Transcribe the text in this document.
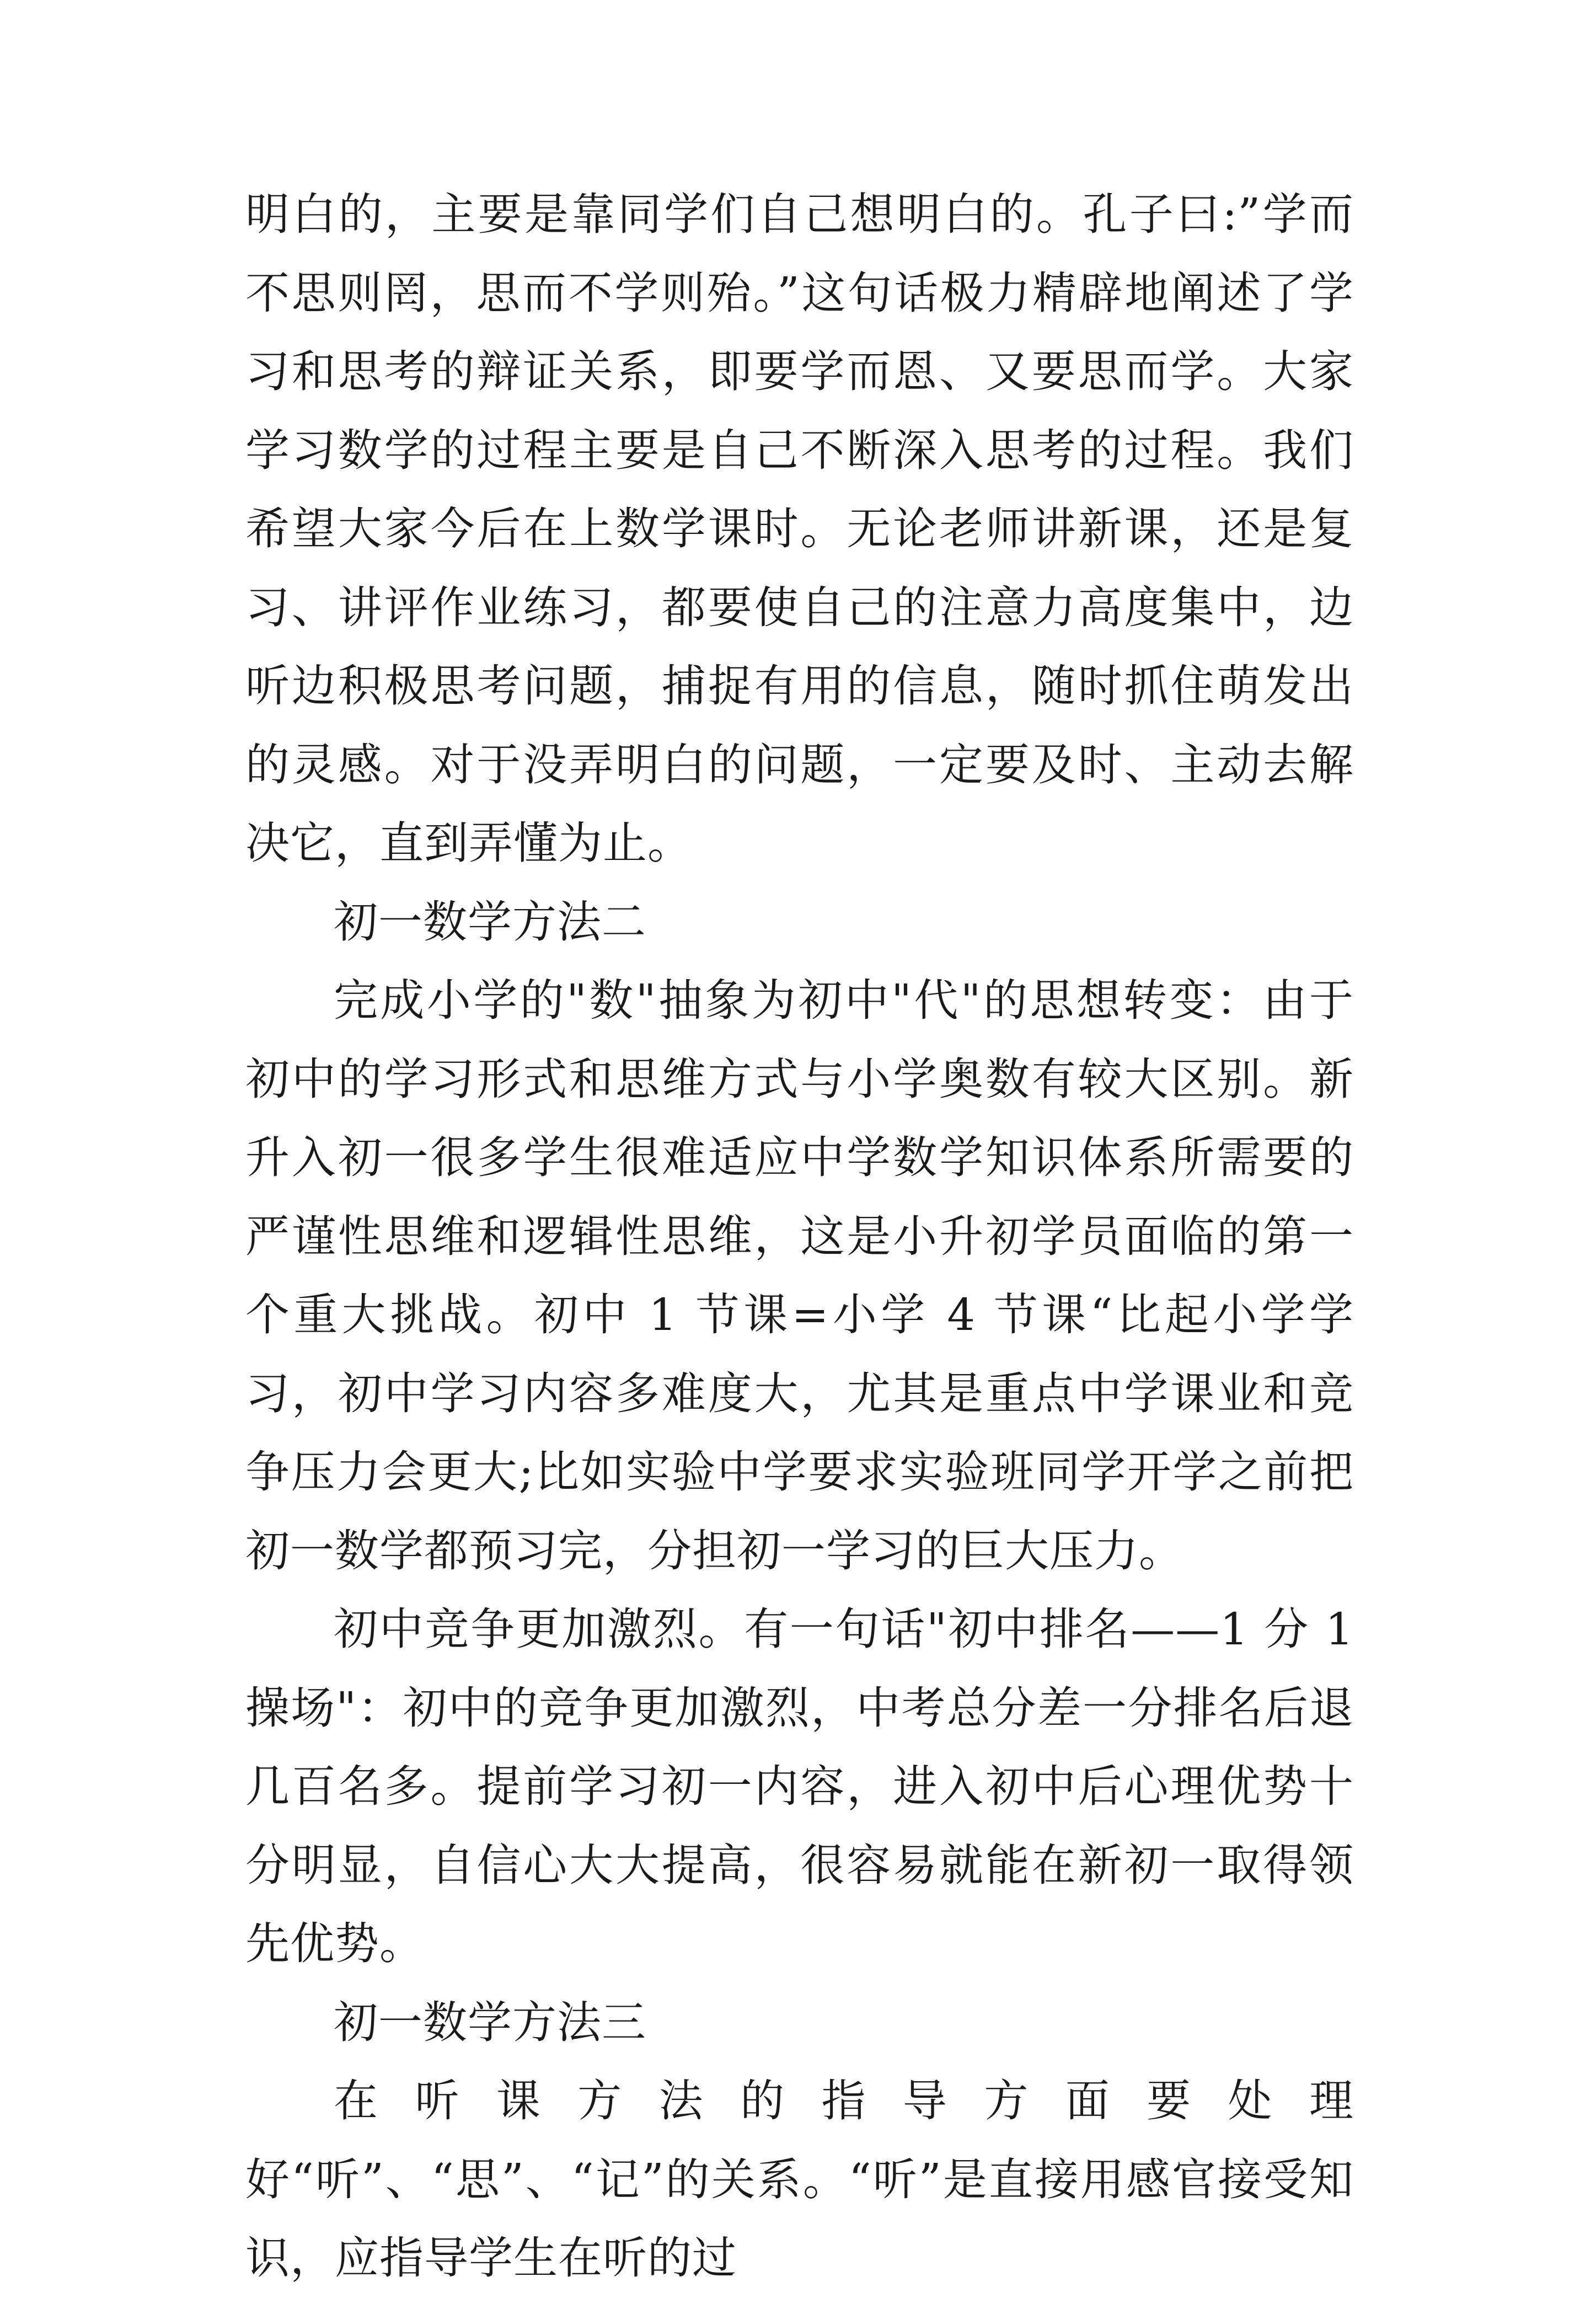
明白的，主要是靠同学们自己想明白的。孔子曰:”学而不思则罔，思而不学则殆。”这句话极力精辟地阐述了学习和思考的辩证关系，即要学而恩、又要思而学。大家学习数学的过程主要是自己不断深入思考的过程。我们希望大家今后在上数学课时。无论老师讲新课，还是复习、讲评作业练习，都要使自己的注意力高度集中，边听边积极思考问题，捕捉有用的信息，随时抓住萌发出的灵感。对于没弄明白的问题，一定要及时、主动去解决它，直到弄懂为止。

初一数学方法二

完成小学的"数"抽象为初中"代"的思想转变：由于初中的学习形式和思维方式与小学奥数有较大区别。新升入初一很多学生很难适应中学数学知识体系所需要的严谨性思维和逻辑性思维，这是小升初学员面临的第一个重大挑战。初中 1 节课=小学 4 节课“比起小学学习，初中学习内容多难度大，尤其是重点中学课业和竞争压力会更大;比如实验中学要求实验班同学开学之前把初一数学都预习完，分担初一学习的巨大压力。

初中竞争更加激烈。有一句话"初中排名——1 分 1 操场"：初中的竞争更加激烈，中考总分差一分排名后退几百名多。提前学习初一内容，进入初中后心理优势十分明显，自信心大大提高，很容易就能在新初一取得领先优势。

初一数学方法三

在听课方法的指导方面要处理好“听”、“思”、“记”的关系。“听”是直接用感官接受知识，应指导学生在听的过
